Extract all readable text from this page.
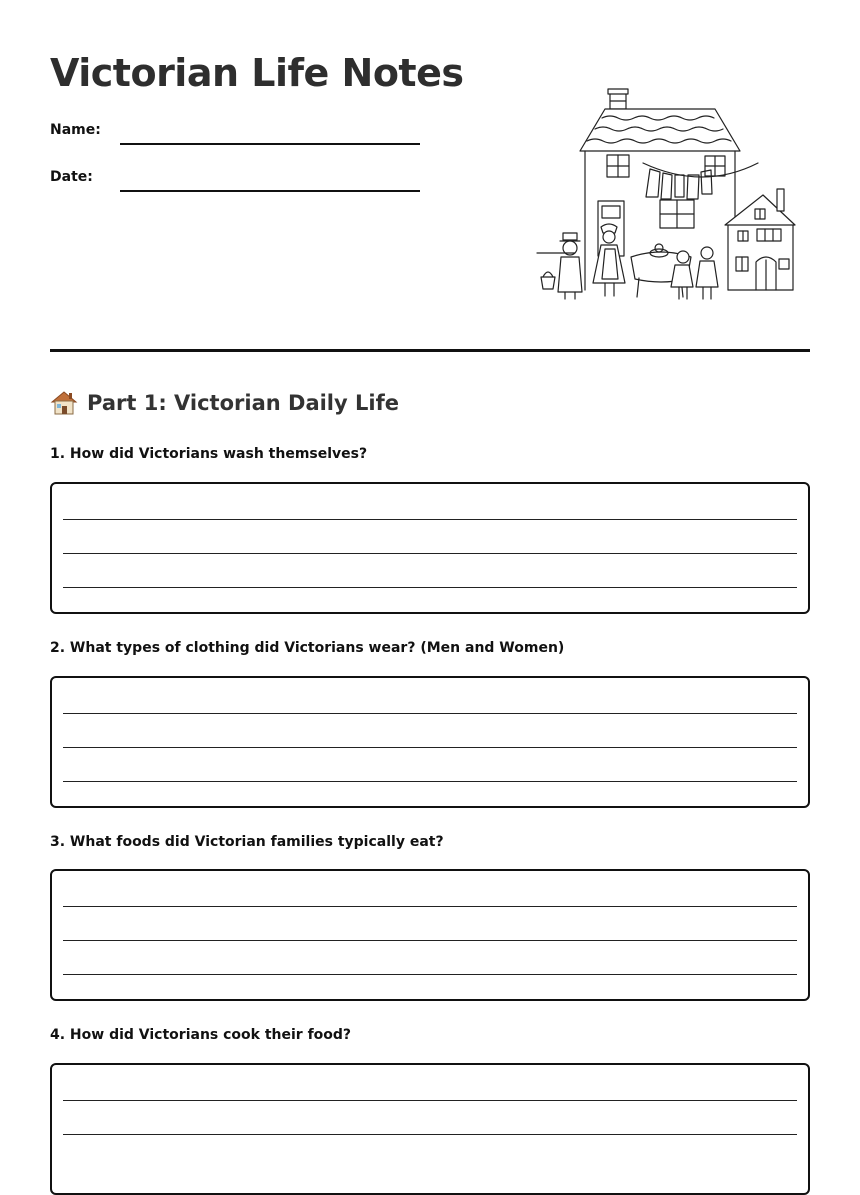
Victorian Life Notes
Name:
Date:
Part 1: Victorian Daily Life
1. How did Victorians wash themselves?
2. What types of clothing did Victorians wear? (Men and Women)
3. What foods did Victorian families typically eat?
4. How did Victorians cook their food?
